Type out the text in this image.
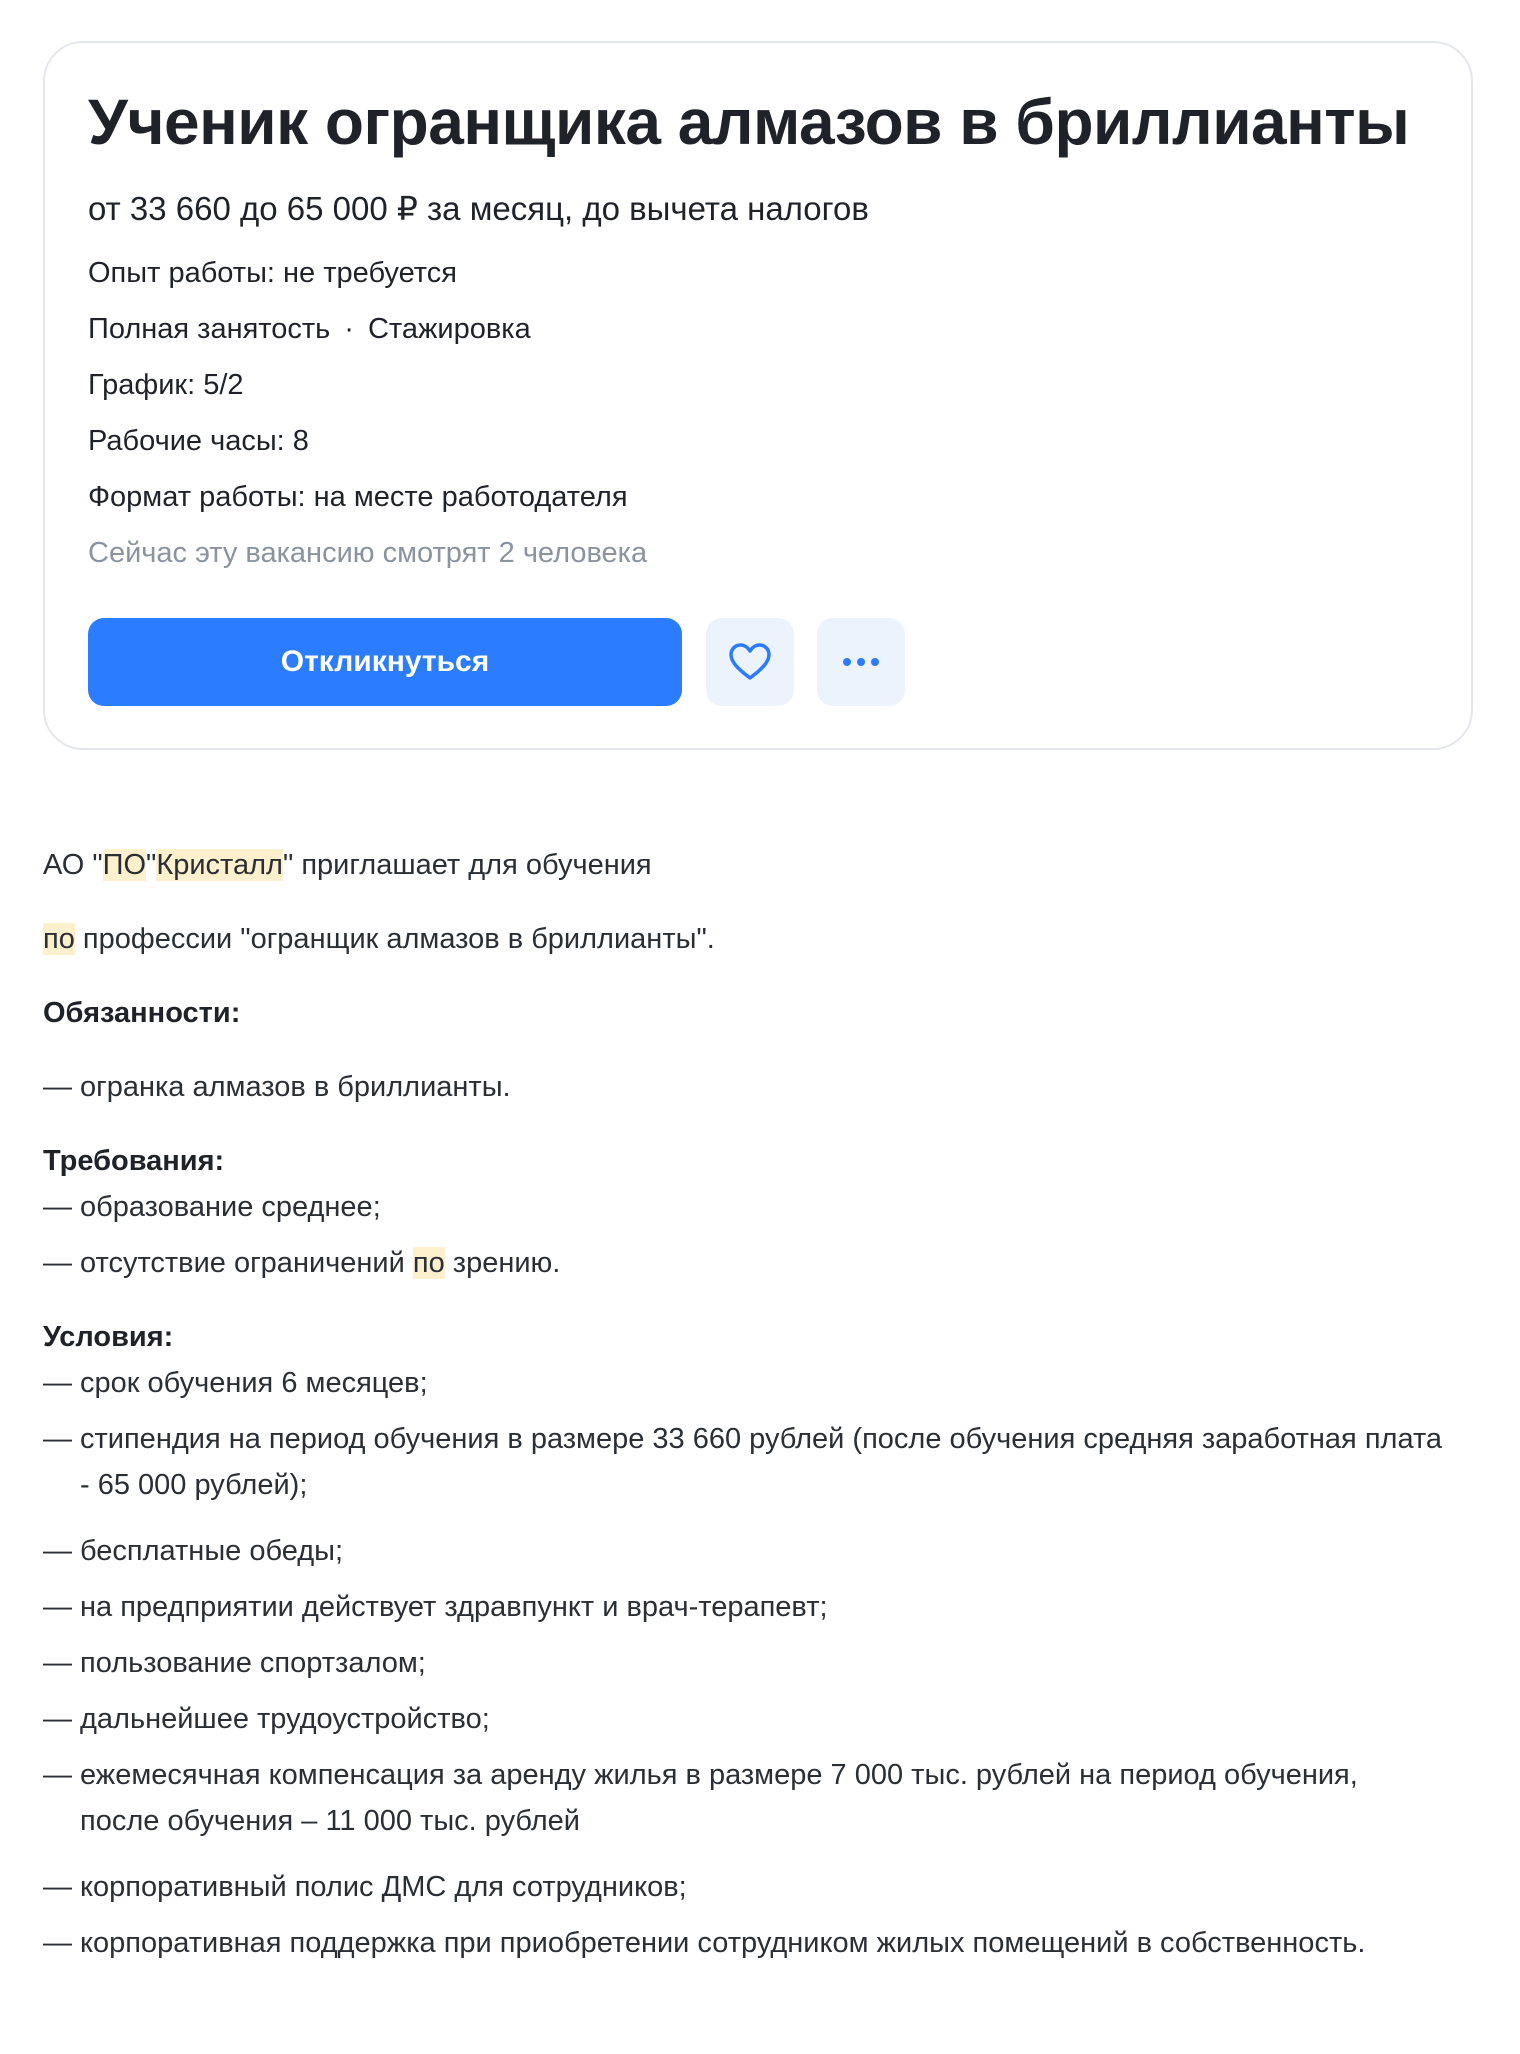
Ученик огранщика алмазов в бриллианты
от 33 660 до 65 000 ₽ за месяц, до вычета налогов
Опыт работы: не требуется
Полная занятость · Стажировка
График: 5/2
Рабочие часы: 8
Формат работы: на месте работодателя
Сейчас эту вакансию смотрят 2 человека
Откликнуться
АО "ПО"Кристалл" приглашает для обучения
по профессии "огранщик алмазов в бриллианты".
Обязанности:
— огранка алмазов в бриллианты.
Требования:
— образование среднее;
— отсутствие ограничений по зрению.
Условия:
— срок обучения 6 месяцев;
— стипендия на период обучения в размере 33 660 рублей (после обучения средняя заработная плата - 65 000 рублей);
— бесплатные обеды;
— на предприятии действует здравпункт и врач-терапевт;
— пользование спортзалом;
— дальнейшее трудоустройство;
— ежемесячная компенсация за аренду жилья в размере 7 000 тыс. рублей на период обучения, после обучения – 11 000 тыс. рублей
— корпоративный полис ДМС для сотрудников;
— корпоративная поддержка при приобретении сотрудником жилых помещений в собственность.
